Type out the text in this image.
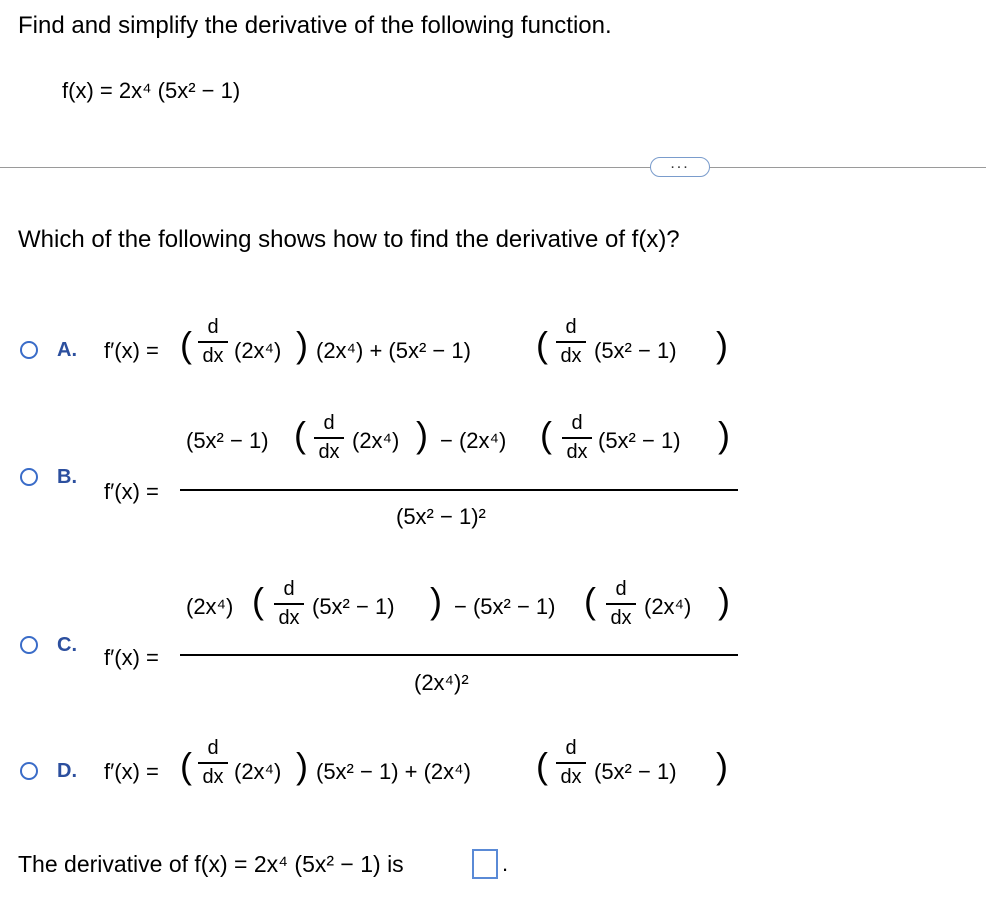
Find and simplify the derivative of the following function.
f(x) = 2x⁴ (5x² − 1)
...
Which of the following shows how to find the derivative of f(x)?
A. f′(x) = ( d
dx (2x⁴) ) (2x⁴) + (5x² − 1) ( d
dx (5x² − 1) )
B.
f′(x) =
(5x² − 1) ( d
dx (2x⁴) ) − (2x⁴) ( d
dx (5x² − 1) )
(5x² − 1)²
C. f′(x) =
(2x⁴) ( d
dx (5x² − 1) ) − (5x² − 1) ( d
dx (2x⁴) )
(2x⁴)²
D. f′(x) = ( d
dx (2x⁴) ) (5x² − 1) + (2x⁴) ( d
dx (5x² − 1) )
The derivative of f(x) = 2x⁴ (5x² − 1) is	.
